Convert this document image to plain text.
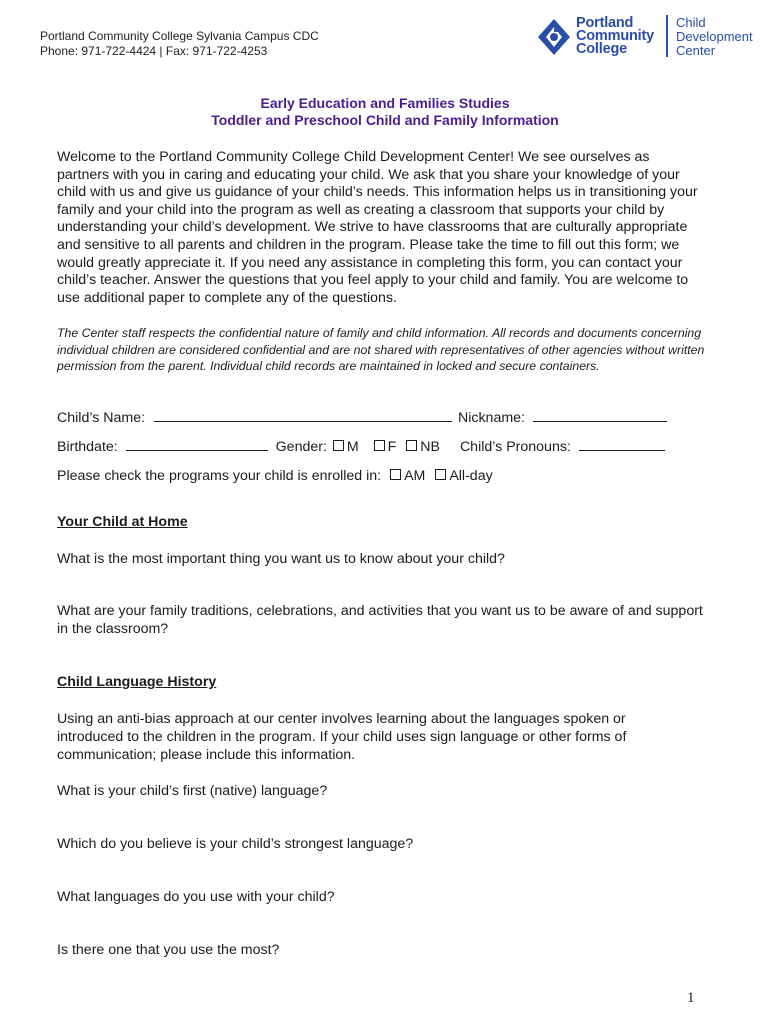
Portland Community College Sylvania Campus CDC
Phone: 971-722-4424 | Fax: 971-722-4253
Portland
Community
College
Child
Development
Center
Early Education and Families Studies
Toddler and Preschool Child and Family Information
Welcome to the Portland Community College Child Development Center! We see ourselves as partners with you in caring and educating your child. We ask that you share your knowledge of your child with us and give us guidance of your child’s needs. This information helps us in transitioning your family and your child into the program as well as creating a classroom that supports your child by understanding your child’s development. We strive to have classrooms that are culturally appropriate and sensitive to all parents and children in the program. Please take the time to fill out this form; we would greatly appreciate it. If you need any assistance in completing this form, you can contact your child’s teacher. Answer the questions that you feel apply to your child and family. You are welcome to use additional paper to complete any of the questions.
The Center staff respects the confidential nature of family and child information. All records and documents concerning individual children are considered confidential and are not shared with representatives of other agencies without written permission from the parent. Individual child records are maintained in locked and secure containers.
Child’s Name:	Nickname:
Birthdate:	Gender: M F NB Child’s Pronouns:
Please check the programs your child is enrolled in: AM All-day
Your Child at Home
What is the most important thing you want us to know about your child?
What are your family traditions, celebrations, and activities that you want us to be aware of and support in the classroom?
Child Language History
Using an anti-bias approach at our center involves learning about the languages spoken or introduced to the children in the program. If your child uses sign language or other forms of communication; please include this information.
What is your child’s first (native) language?
Which do you believe is your child’s strongest language?
What languages do you use with your child?
Is there one that you use the most?
1
